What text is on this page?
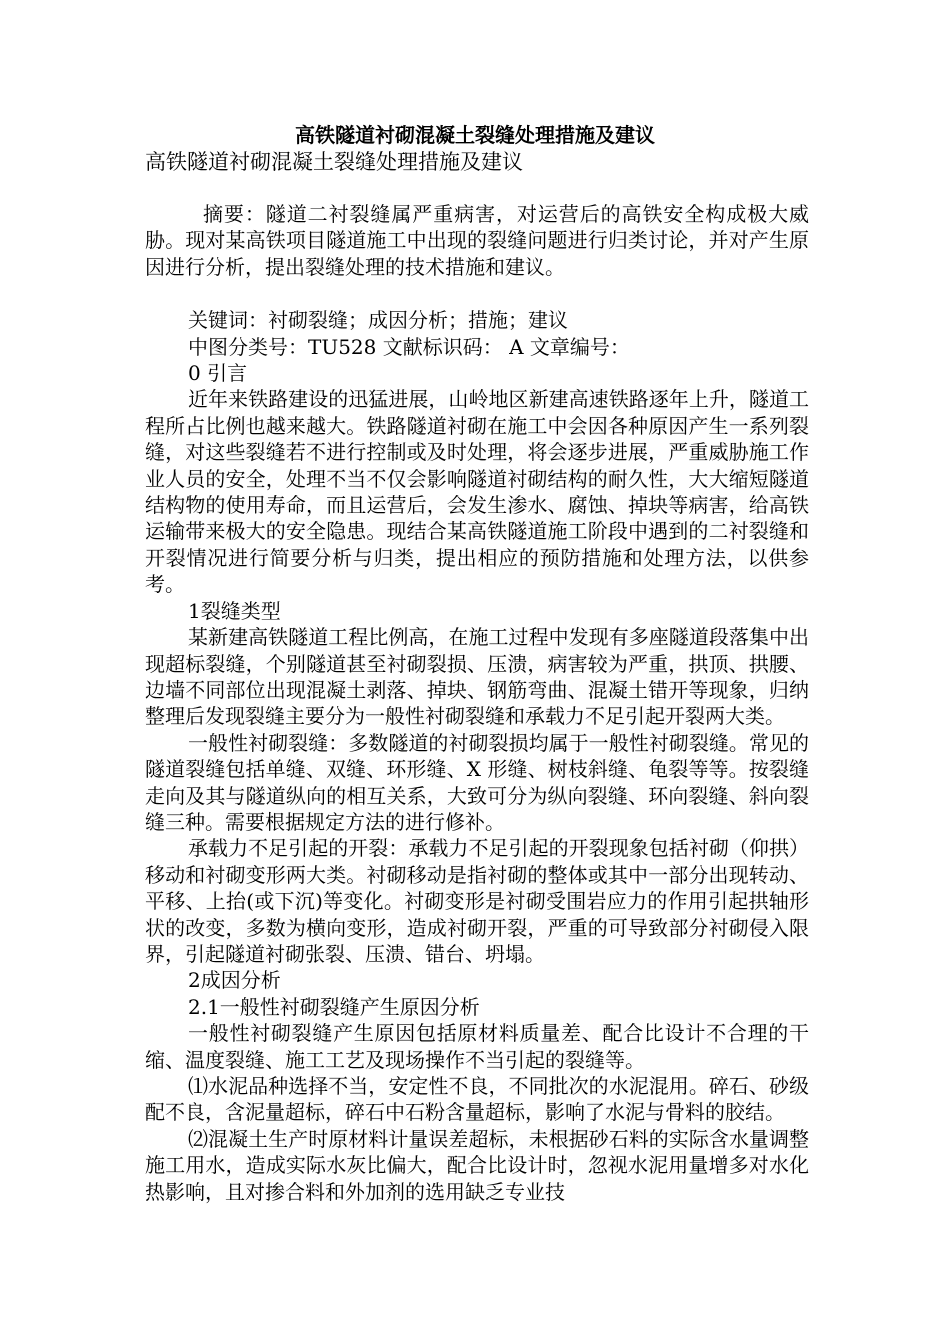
高铁隧道衬砌混凝土裂缝处理措施及建议
高铁隧道衬砌混凝土裂缝处理措施及建议

摘要：隧道二衬裂缝属严重病害，对运营后的高铁安全构成极大威胁。现对某高铁项目隧道施工中出现的裂缝问题进行归类讨论，并对产生原因进行分析，提出裂缝处理的技术措施和建议。

关键词：衬砌裂缝；成因分析；措施；建议

中图分类号：TU528 文献标识码： A 文章编号：

0 引言

近年来铁路建设的迅猛进展，山岭地区新建高速铁路逐年上升，隧道工程所占比例也越来越大。铁路隧道衬砌在施工中会因各种原因产生一系列裂缝，对这些裂缝若不进行控制或及时处理，将会逐步进展，严重威胁施工作业人员的安全，处理不当不仅会影响隧道衬砌结构的耐久性，大大缩短隧道结构物的使用寿命，而且运营后，会发生渗水、腐蚀、掉块等病害，给高铁运输带来极大的安全隐患。现结合某高铁隧道施工阶段中遇到的二衬裂缝和开裂情况进行简要分析与归类，提出相应的预防措施和处理方法，以供参考。

1裂缝类型

某新建高铁隧道工程比例高，在施工过程中发现有多座隧道段落集中出现超标裂缝，个别隧道甚至衬砌裂损、压溃，病害较为严重，拱顶、拱腰、边墙不同部位出现混凝土剥落、掉块、钢筋弯曲、混凝土错开等现象，归纳整理后发现裂缝主要分为一般性衬砌裂缝和承载力不足引起开裂两大类。

一般性衬砌裂缝：多数隧道的衬砌裂损均属于一般性衬砌裂缝。常见的隧道裂缝包括单缝、双缝、环形缝、X 形缝、树枝斜缝、龟裂等等。按裂缝走向及其与隧道纵向的相互关系，大致可分为纵向裂缝、环向裂缝、斜向裂缝三种。需要根据规定方法的进行修补。

承载力不足引起的开裂：承载力不足引起的开裂现象包括衬砌（仰拱）移动和衬砌变形两大类。衬砌移动是指衬砌的整体或其中一部分出现转动、平移、上抬(或下沉)等变化。衬砌变形是衬砌受围岩应力的作用引起拱轴形状的改变，多数为横向变形，造成衬砌开裂，严重的可导致部分衬砌侵入限界，引起隧道衬砌张裂、压溃、错台、坍塌。

2成因分析

2.1一般性衬砌裂缝产生原因分析

一般性衬砌裂缝产生原因包括原材料质量差、配合比设计不合理的干缩、温度裂缝、施工工艺及现场操作不当引起的裂缝等。

⑴水泥品种选择不当，安定性不良，不同批次的水泥混用。碎石、砂级配不良，含泥量超标，碎石中石粉含量超标，影响了水泥与骨料的胶结。

⑵混凝土生产时原材料计量误差超标，未根据砂石料的实际含水量调整施工用水，造成实际水灰比偏大，配合比设计时，忽视水泥用量增多对水化热影响，且对掺合料和外加剂的选用缺乏专业技
